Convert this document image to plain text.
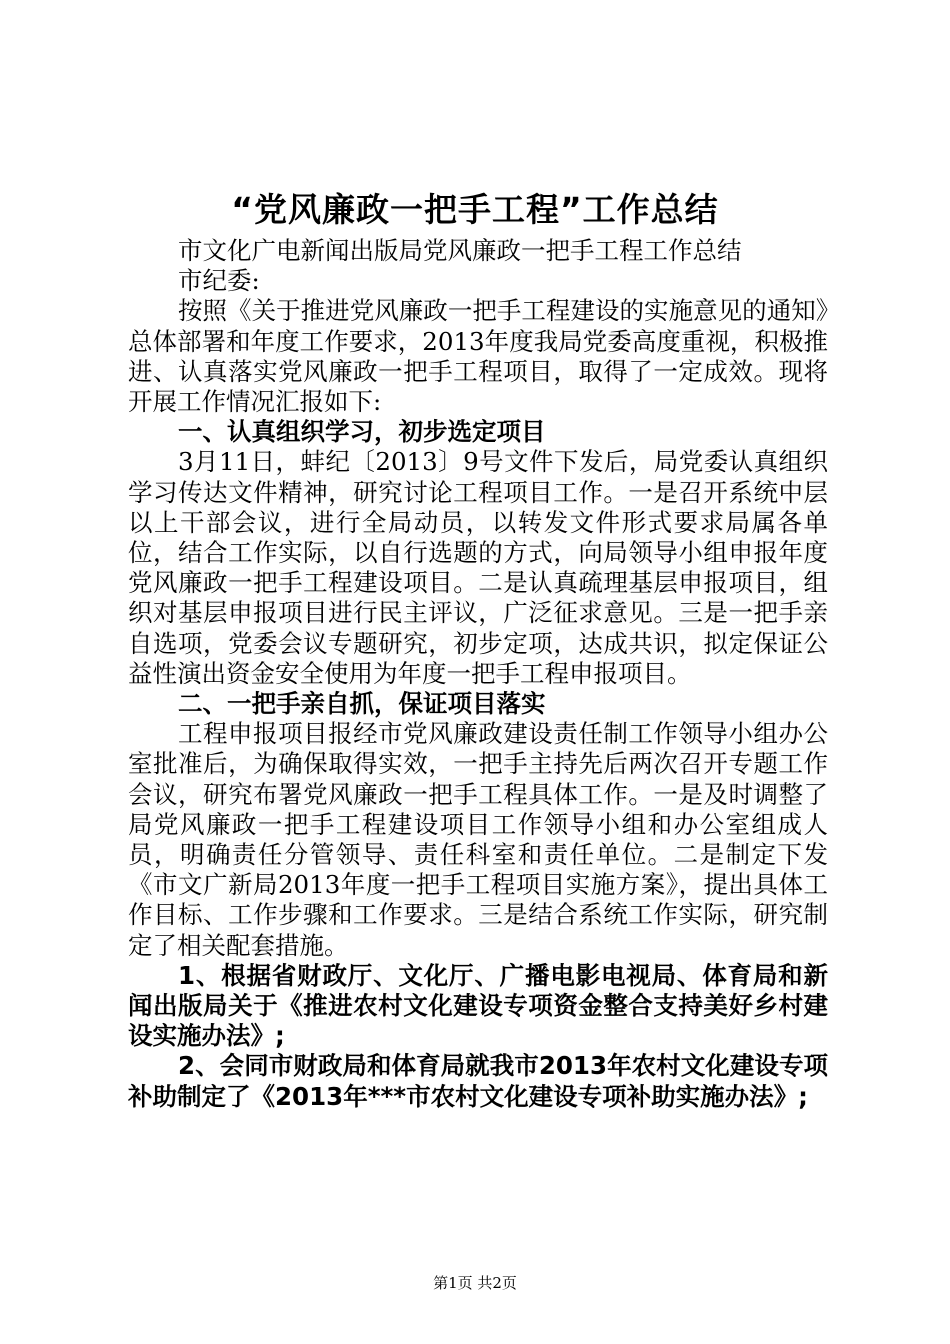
“党风廉政一把手工程”工作总结

市文化广电新闻出版局党风廉政一把手工程工作总结

市纪委:

按照《关于推进党风廉政一把手工程建设的实施意见的通知》总体部署和年度工作要求，2013年度我局党委高度重视，积极推进、认真落实党风廉政一把手工程项目，取得了一定成效。现将开展工作情况汇报如下:

一、认真组织学习，初步选定项目

3月11日，蚌纪〔2013〕9号文件下发后，局党委认真组织学习传达文件精神，研究讨论工程项目工作。一是召开系统中层以上干部会议，进行全局动员，以转发文件形式要求局属各单位，结合工作实际，以自行选题的方式，向局领导小组申报年度党风廉政一把手工程建设项目。二是认真疏理基层申报项目，组织对基层申报项目进行民主评议，广泛征求意见。三是一把手亲自选项，党委会议专题研究，初步定项，达成共识，拟定保证公益性演出资金安全使用为年度一把手工程申报项目。

二、一把手亲自抓，保证项目落实

工程申报项目报经市党风廉政建设责任制工作领导小组办公室批准后，为确保取得实效，一把手主持先后两次召开专题工作会议，研究布署党风廉政一把手工程具体工作。一是及时调整了局党风廉政一把手工程建设项目工作领导小组和办公室组成人员，明确责任分管领导、责任科室和责任单位。二是制定下发《市文广新局2013年度一把手工程项目实施方案》，提出具体工作目标、工作步骤和工作要求。三是结合系统工作实际，研究制定了相关配套措施。

1、根据省财政厅、文化厅、广播电影电视局、体育局和新闻出版局关于《推进农村文化建设专项资金整合支持美好乡村建设实施办法》;

2、会同市财政局和体育局就我市2013年农村文化建设专项补助制定了《2013年***市农村文化建设专项补助实施办法》;

第1页 共2页
